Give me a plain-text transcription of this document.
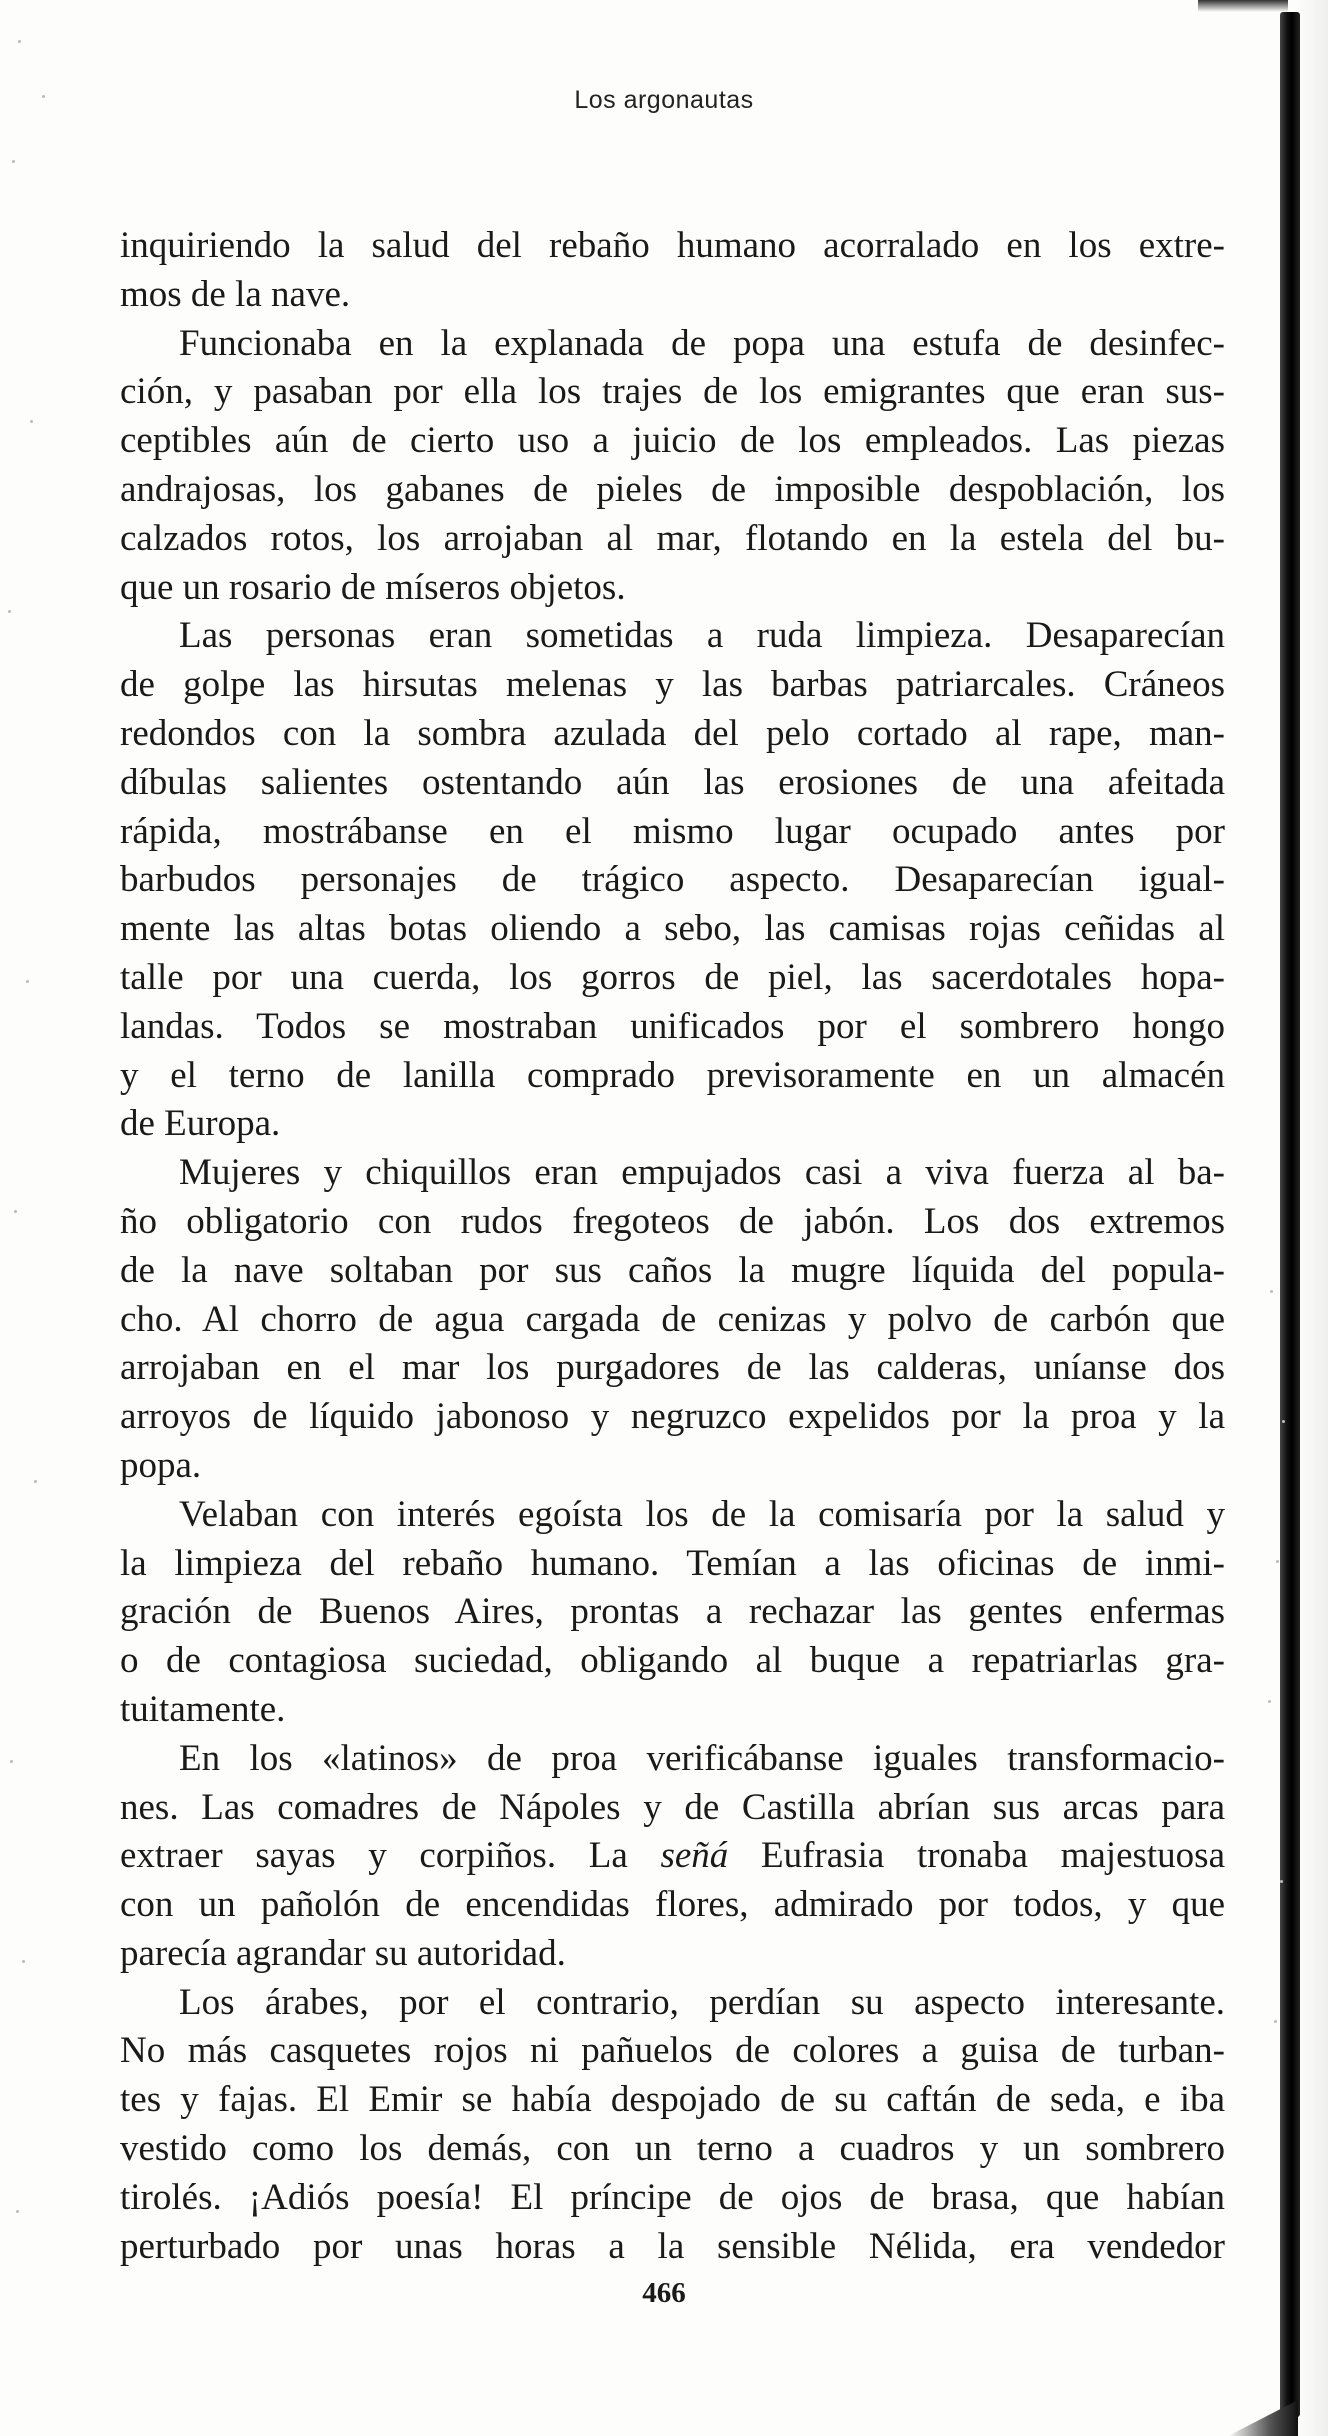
Los argonautas
inquiriendo la salud del rebaño humano acorralado en los extre-
mos de la nave.
Funcionaba en la explanada de popa una estufa de desinfec-
ción, y pasaban por ella los trajes de los emigrantes que eran sus-
ceptibles aún de cierto uso a juicio de los empleados. Las piezas
andrajosas, los gabanes de pieles de imposible despoblación, los
calzados rotos, los arrojaban al mar, flotando en la estela del bu-
que un rosario de míseros objetos.
Las personas eran sometidas a ruda limpieza. Desaparecían
de golpe las hirsutas melenas y las barbas patriarcales. Cráneos
redondos con la sombra azulada del pelo cortado al rape, man-
díbulas salientes ostentando aún las erosiones de una afeitada
rápida, mostrábanse en el mismo lugar ocupado antes por
barbudos personajes de trágico aspecto. Desaparecían igual-
mente las altas botas oliendo a sebo, las camisas rojas ceñidas al
talle por una cuerda, los gorros de piel, las sacerdotales hopa-
landas. Todos se mostraban unificados por el sombrero hongo
y el terno de lanilla comprado previsoramente en un almacén
de Europa.
Mujeres y chiquillos eran empujados casi a viva fuerza al ba-
ño obligatorio con rudos fregoteos de jabón. Los dos extremos
de la nave soltaban por sus caños la mugre líquida del popula-
cho. Al chorro de agua cargada de cenizas y polvo de carbón que
arrojaban en el mar los purgadores de las calderas, uníanse dos
arroyos de líquido jabonoso y negruzco expelidos por la proa y la
popa.
Velaban con interés egoísta los de la comisaría por la salud y
la limpieza del rebaño humano. Temían a las oficinas de inmi-
gración de Buenos Aires, prontas a rechazar las gentes enfermas
o de contagiosa suciedad, obligando al buque a repatriarlas gra-
tuitamente.
En los «latinos» de proa verificábanse iguales transformacio-
nes. Las comadres de Nápoles y de Castilla abrían sus arcas para
extraer sayas y corpiños. La señá Eufrasia tronaba majestuosa
con un pañolón de encendidas flores, admirado por todos, y que
parecía agrandar su autoridad.
Los árabes, por el contrario, perdían su aspecto interesante.
No más casquetes rojos ni pañuelos de colores a guisa de turban-
tes y fajas. El Emir se había despojado de su caftán de seda, e iba
vestido como los demás, con un terno a cuadros y un sombrero
tirolés. ¡Adiós poesía! El príncipe de ojos de brasa, que habían
perturbado por unas horas a la sensible Nélida, era vendedor
466
